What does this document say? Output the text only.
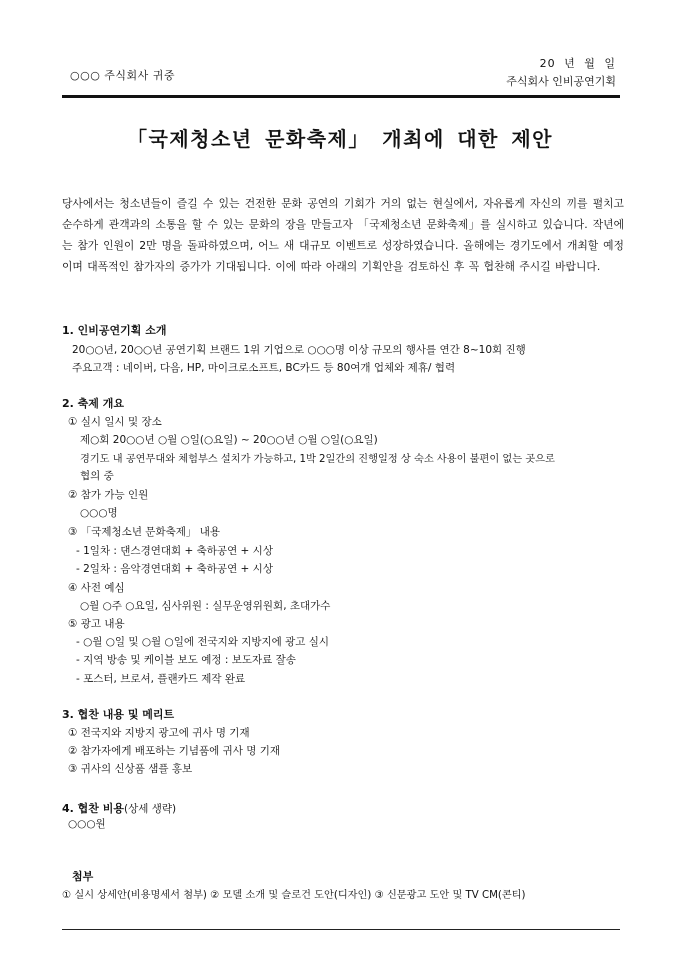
○○○ 주식회사 귀중
20 년 월 일
주식회사 인비공연기획
「국제청소년 문화축제」 개최에 대한 제안
당사에서는 청소년들이 즐길 수 있는 건전한 문화 공연의 기회가 거의 없는 현실에서, 자유롭게 자신의 끼를 펼치고 순수하게 관객과의 소통을 할 수 있는 문화의 장을 만들고자 「국제청소년 문화축제」를 실시하고 있습니다. 작년에는 참가 인원이 2만 명을 돌파하였으며, 어느 새 대규모 이벤트로 성장하였습니다. 올해에는 경기도에서 개최할 예정이며 대폭적인 참가자의 증가가 기대됩니다. 이에 따라 아래의 기획안을 검토하신 후 꼭 협찬해 주시길 바랍니다.
1. 인비공연기획 소개
20○○년, 20○○년 공연기획 브랜드 1위 기업으로 ○○○명 이상 규모의 행사를 연간 8~10회 진행
주요고객 : 네이버, 다음, HP, 마이크로소프트, BC카드 등 80여개 업체와 제휴/ 협력
2. 축제 개요
① 실시 일시 및 장소
제○회 20○○년 ○월 ○일(○요일) ~ 20○○년 ○월 ○일(○요일)
경기도 내 공연무대와 체험부스 설치가 가능하고, 1박 2일간의 진행일정 상 숙소 사용이 불편이 없는 곳으로
협의 중
② 참가 가능 인원
○○○명
③ 「국제청소년 문화축제」 내용
- 1일차 : 댄스경연대회 + 축하공연 + 시상
- 2일차 : 음악경연대회 + 축하공연 + 시상
④ 사전 예심
○월 ○주 ○요일, 심사위원 : 실무운영위원회, 초대가수
⑤ 광고 내용
- ○월 ○일 및 ○월 ○일에 전국지와 지방지에 광고 실시
- 지역 방송 및 케이블 보도 예정 : 보도자료 잘송
- 포스터, 브로셔, 플랜카드 제작 완료
3. 협찬 내용 및 메리트
① 전국지와 지방지 광고에 귀사 명 기재
② 참가자에게 배포하는 기념품에 귀사 명 기재
③ 귀사의 신상품 샘플 홍보
4. 협찬 비용(상세 생략)
○○○원
첨부
① 실시 상세안(비용명세서 첨부) ② 모델 소개 및 슬로건 도안(디자인) ③ 신문광고 도안 및 TV CM(콘티)
